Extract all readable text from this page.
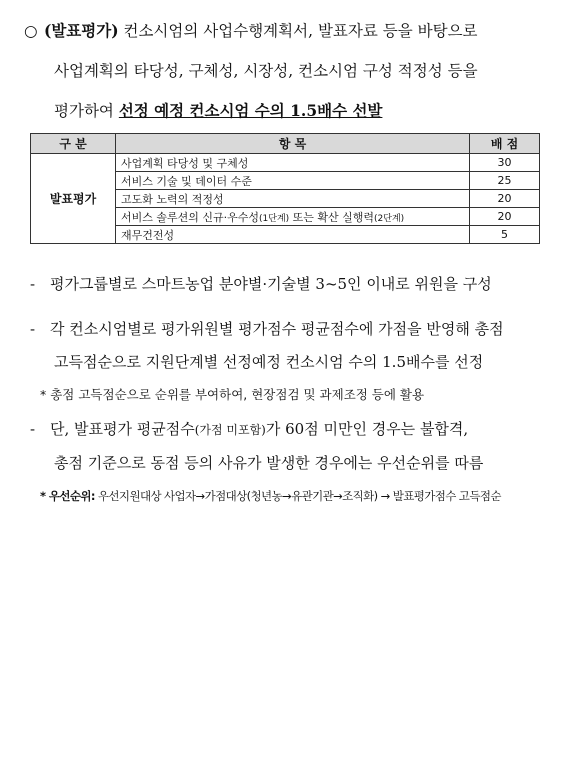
○ (발표평가) 컨소시엄의 사업수행계획서, 발표자료 등을 바탕으로
사업계획의 타당성, 구체성, 시장성, 컨소시엄 구성 적정성 등을
평가하여 선정 예정 컨소시엄 수의 1.5배수 선발
구 분	항 목	배 점
발표평가	사업계획 타당성 및 구체성	30
	서비스 기술 및 데이터 수준	25
	고도화 노력의 적정성	20
	서비스 솔루션의 신규·우수성(1단계) 또는 확산 실행력(2단계)	20
	재무건전성	5
- 평가그룹별로 스마트농업 분야별·기술별 3~5인 이내로 위원을 구성
- 각 컨소시엄별로 평가위원별 평가점수 평균점수에 가점을 반영해 총점
고득점순으로 지원단계별 선정예정 컨소시엄 수의 1.5배수를 선정
* 총점 고득점순으로 순위를 부여하여, 현장점검 및 과제조정 등에 활용
- 단, 발표평가 평균점수(가점 미포함)가 60점 미만인 경우는 불합격,
총점 기준으로 동점 등의 사유가 발생한 경우에는 우선순위를 따름
* 우선순위: 우선지원대상 사업자→가점대상(청년농→유관기관→조직화) → 발표평가점수 고득점순
